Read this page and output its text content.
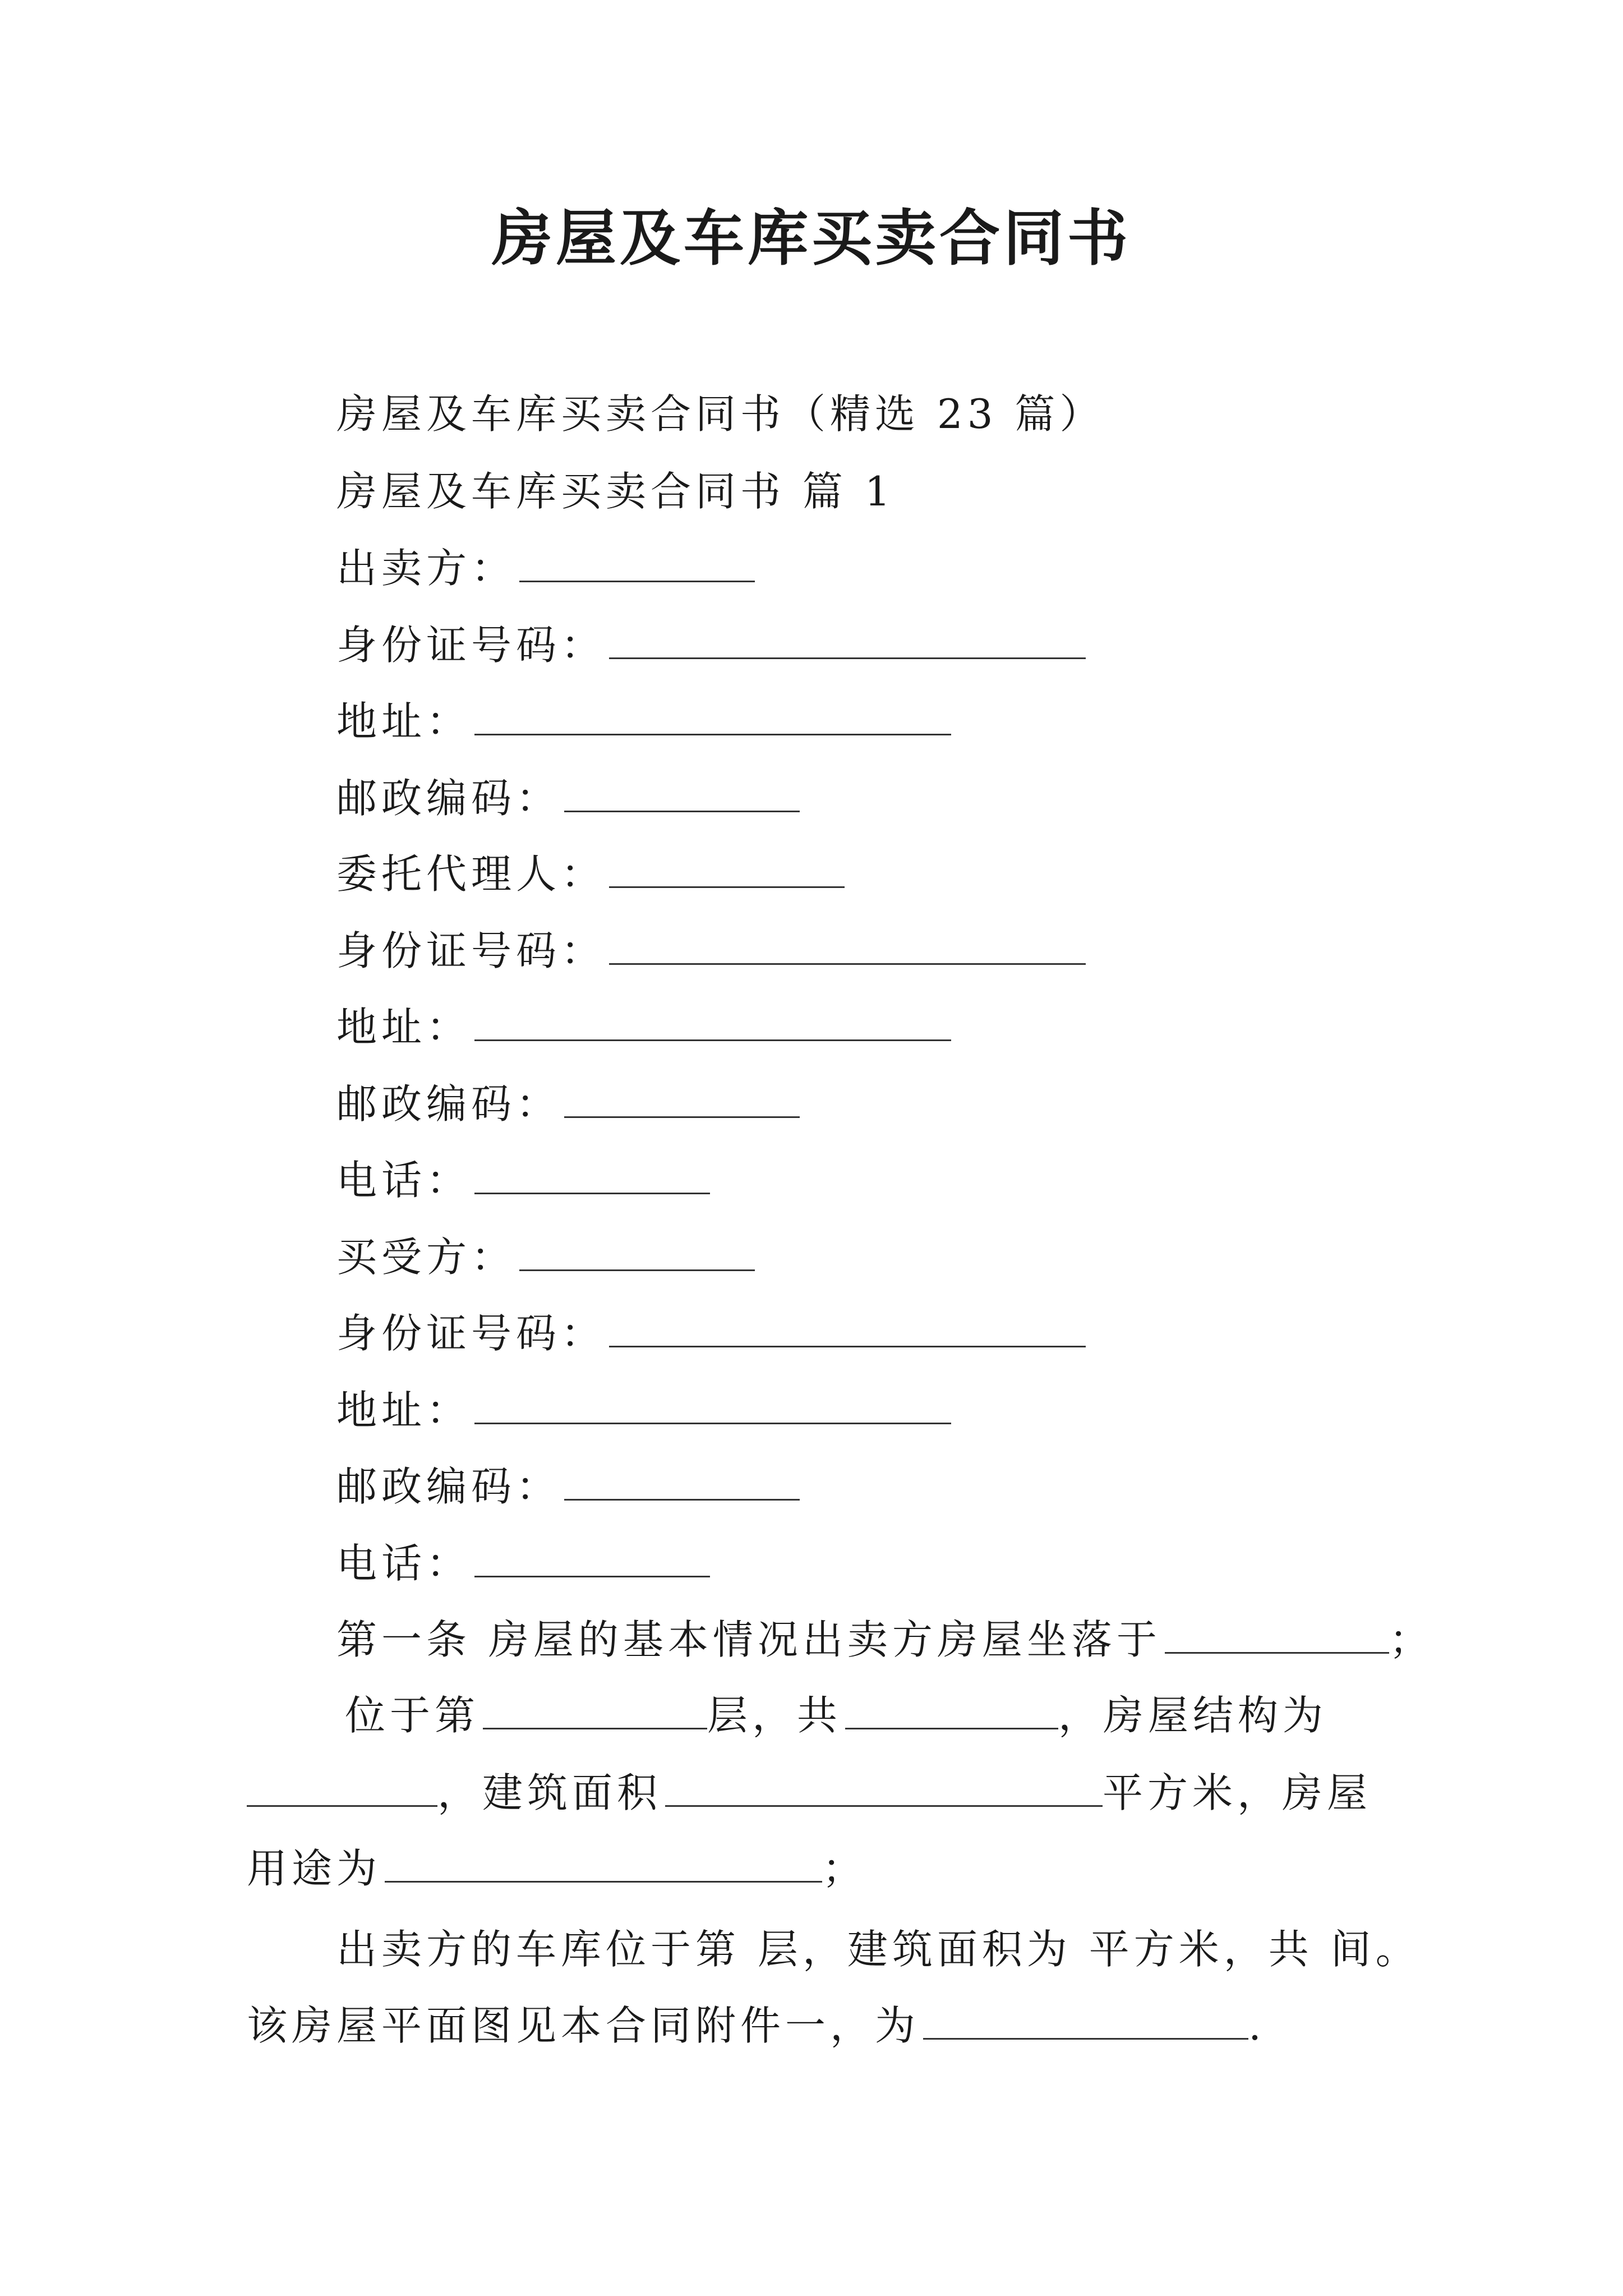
房屋及车库买卖合同书
房屋及车库买卖合同书（精选 23 篇）
房屋及车库买卖合同书 篇 1
出卖方：
身份证号码：
地址：
邮政编码：
委托代理人：
身份证号码：
地址：
邮政编码：
电话：
买受方：
身份证号码：
地址：
邮政编码：
电话：
第一条 房屋的基本情况出卖方房屋坐落于	；
位于第	层，共	，房屋结构为
，建筑面积	平方米，房屋
用途为	；
出卖方的车库位于第 层，建筑面积为 平方米，共 间。
该房屋平面图见本合同附件一，为	.
